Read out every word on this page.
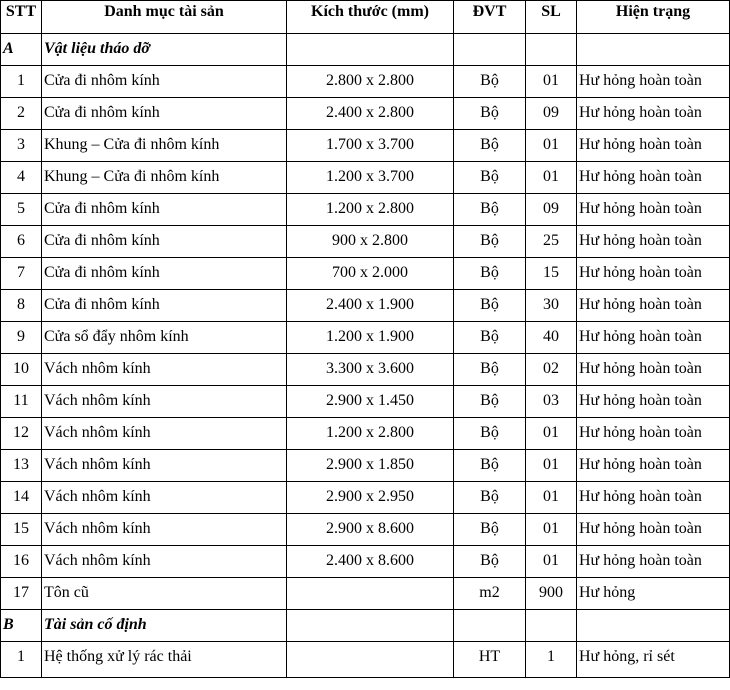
STT	Danh mục tài sản	Kích thước (mm)	ĐVT	SL	Hiện trạng
A	Vật liệu tháo dỡ				
1	Cửa đi nhôm kính	2.800 x 2.800	Bộ	01	Hư hỏng hoàn toàn
2	Cửa đi nhôm kính	2.400 x 2.800	Bộ	09	Hư hỏng hoàn toàn
3	Khung – Cửa đi nhôm kính	1.700 x 3.700	Bộ	01	Hư hỏng hoàn toàn
4	Khung – Cửa đi nhôm kính	1.200 x 3.700	Bộ	01	Hư hỏng hoàn toàn
5	Cửa đi nhôm kính	1.200 x 2.800	Bộ	09	Hư hỏng hoàn toàn
6	Cửa đi nhôm kính	900 x 2.800	Bộ	25	Hư hỏng hoàn toàn
7	Cửa đi nhôm kính	700 x 2.000	Bộ	15	Hư hỏng hoàn toàn
8	Cửa đi nhôm kính	2.400 x 1.900	Bộ	30	Hư hỏng hoàn toàn
9	Cửa sổ đẩy nhôm kính	1.200 x 1.900	Bộ	40	Hư hỏng hoàn toàn
10	Vách nhôm kính	3.300 x 3.600	Bộ	02	Hư hỏng hoàn toàn
11	Vách nhôm kính	2.900 x 1.450	Bộ	03	Hư hỏng hoàn toàn
12	Vách nhôm kính	1.200 x 2.800	Bộ	01	Hư hỏng hoàn toàn
13	Vách nhôm kính	2.900 x 1.850	Bộ	01	Hư hỏng hoàn toàn
14	Vách nhôm kính	2.900 x 2.950	Bộ	01	Hư hỏng hoàn toàn
15	Vách nhôm kính	2.900 x 8.600	Bộ	01	Hư hỏng hoàn toàn
16	Vách nhôm kính	2.400 x 8.600	Bộ	01	Hư hỏng hoàn toàn
17	Tôn cũ		m2	900	Hư hỏng
B	Tài sản cố định				
1	Hệ thống xử lý rác thải		HT	1	Hư hỏng, rỉ sét
